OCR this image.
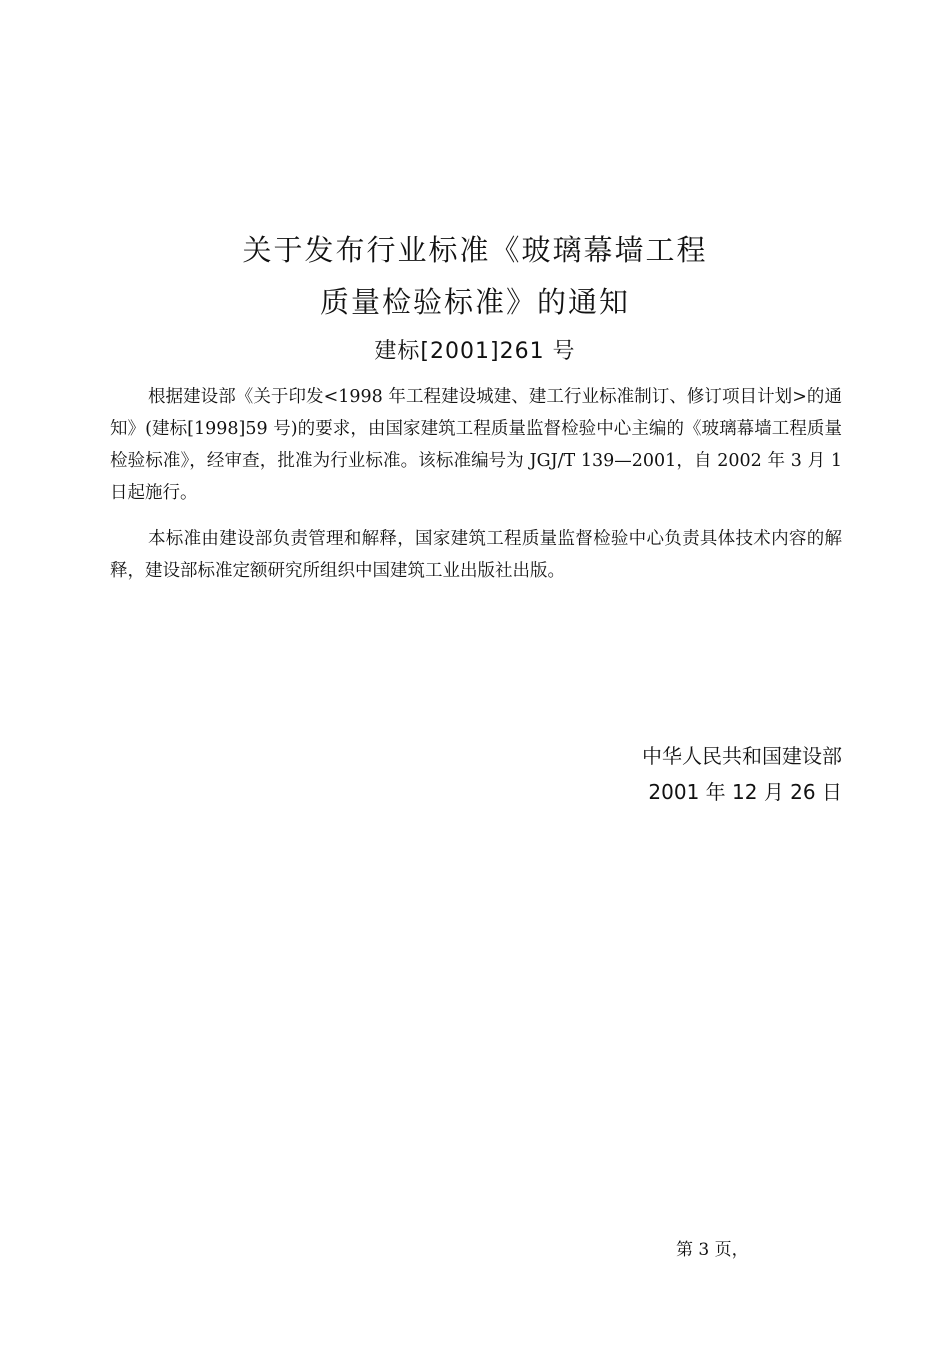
关于发布行业标准《玻璃幕墙工程
质量检验标准》的通知
建标[2001]261 号
根据建设部《关于印发<1998 年工程建设城建、建工行业标准制订、修订项目计划>的通知》(建标[1998]59 号)的要求，由国家建筑工程质量监督检验中心主编的《玻璃幕墙工程质量检验标准》，经审查，批准为行业标准。该标准编号为 JGJ/T 139—2001，自 2002 年 3 月 1 日起施行。
本标准由建设部负责管理和解释，国家建筑工程质量监督检验中心负责具体技术内容的解释，建设部标准定额研究所组织中国建筑工业出版社出版。
中华人民共和国建设部
2001 年 12 月 26 日
第 3 页，
